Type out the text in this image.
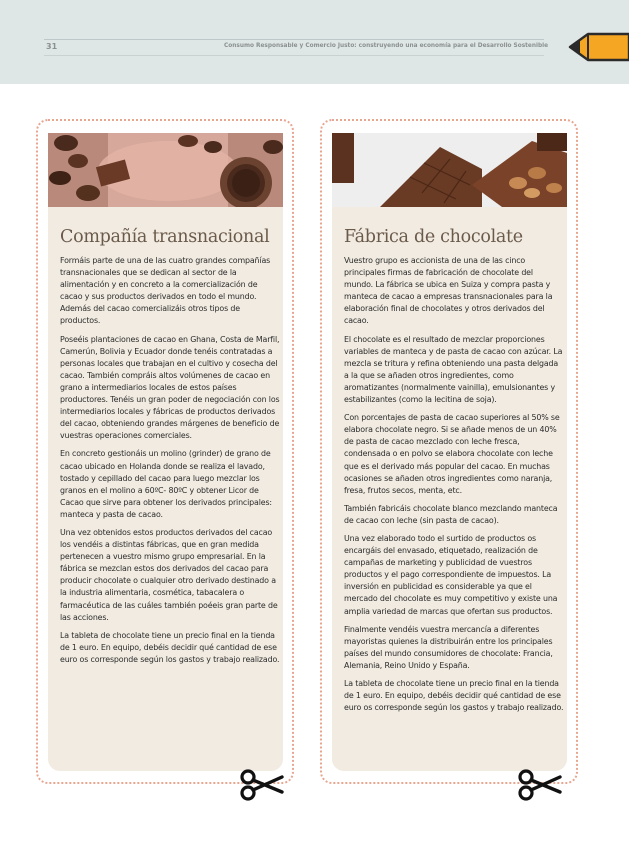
31	Consumo Responsable y Comercio Justo: construyendo una economía para el Desarrollo Sostenible
Compañía transnacional

Formáis parte de una de las cuatro grandes compañías transnacionales que se dedican al sector de la alimentación y en concreto a la comercialización de cacao y sus productos derivados en todo el mundo. Además del cacao comercializáis otros tipos de productos.

Poseéis plantaciones de cacao en Ghana, Costa de Marfil, Camerún, Bolivia y Ecuador donde tenéis contratadas a personas locales que trabajan en el cultivo y cosecha del cacao. También compráis altos volúmenes de cacao en grano a intermediarios locales de estos países productores. Tenéis un gran poder de negociación con los intermediarios locales y fábricas de productos derivados del cacao, obteniendo grandes márgenes de beneficio de vuestras operaciones comerciales.

En concreto gestionáis un molino (grinder) de grano de cacao ubicado en Holanda donde se realiza el lavado, tostado y cepillado del cacao para luego mezclar los granos en el molino a 60ºC- 80ºC y obtener Licor de Cacao que sirve para obtener los derivados principales: manteca y pasta de cacao.

Una vez obtenidos estos productos derivados del cacao los vendéis a distintas fábricas, que en gran medida pertenecen a vuestro mismo grupo empresarial. En la fábrica se mezclan estos dos derivados del cacao para producir chocolate o cualquier otro derivado destinado a la industria alimentaria, cosmética, tabacalera o farmacéutica de las cuáles también poéeis gran parte de las acciones.

La tableta de chocolate tiene un precio final en la tienda de 1 euro. En equipo, debéis decidir qué cantidad de ese euro os corresponde según los gastos y trabajo realizado.

Fábrica de chocolate

Vuestro grupo es accionista de una de las cinco principales firmas de fabricación de chocolate del mundo. La fábrica se ubica en Suiza y compra pasta y manteca de cacao a empresas transnacionales para la elaboración final de chocolates y otros derivados del cacao.

El chocolate es el resultado de mezclar proporciones variables de manteca y de pasta de cacao con azúcar. La mezcla se tritura y refina obteniendo una pasta delgada a la que se añaden otros ingredientes, como aromatizantes (normalmente vainilla), emulsionantes y estabilizantes (como la lecitina de soja).

Con porcentajes de pasta de cacao superiores al 50% se elabora chocolate negro. Si se añade menos de un 40% de pasta de cacao mezclado con leche fresca, condensada o en polvo se elabora chocolate con leche que es el derivado más popular del cacao. En muchas ocasiones se añaden otros ingredientes como naranja, fresa, frutos secos, menta, etc.

También fabricáis chocolate blanco mezclando manteca de cacao con leche (sin pasta de cacao).

Una vez elaborado todo el surtido de productos os encargáis del envasado, etiquetado, realización de campañas de marketing y publicidad de vuestros productos y el pago correspondiente de impuestos. La inversión en publicidad es considerable ya que el mercado del chocolate es muy competitivo y existe una amplia variedad de marcas que ofertan sus productos.

Finalmente vendéis vuestra mercancía a diferentes mayoristas quienes la distribuirán entre los principales países del mundo consumidores de chocolate: Francia, Alemania, Reino Unido y España.

La tableta de chocolate tiene un precio final en la tienda de 1 euro. En equipo, debéis decidir qué cantidad de ese euro os corresponde según los gastos y trabajo realizado.
